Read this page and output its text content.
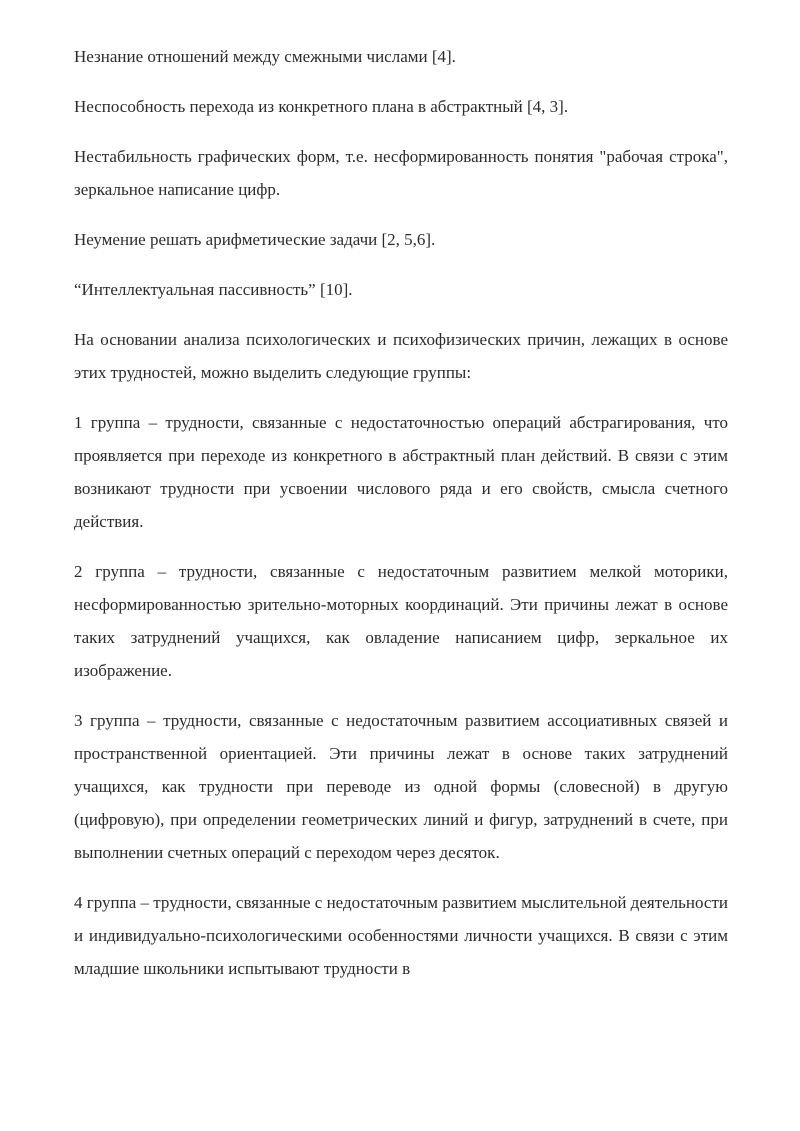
Незнание отношений между смежными числами [4].

Неспособность перехода из конкретного плана в абстрактный [4, 3].

Нестабильность графических форм, т.е. несформированность понятия "рабочая строка", зеркальное написание цифр.

Неумение решать арифметические задачи [2, 5,6].

“Интеллектуальная пассивность” [10].

На основании анализа психологических и психофизических причин, лежащих в основе этих трудностей, можно выделить следующие группы:

1 группа – трудности, связанные с недостаточностью операций абстрагирования, что проявляется при переходе из конкретного в абстрактный план действий. В связи с этим возникают трудности при усвоении числового ряда и его свойств, смысла счетного действия.

2 группа – трудности, связанные с недостаточным развитием мелкой моторики, несформированностью зрительно-моторных координаций. Эти причины лежат в основе таких затруднений учащихся, как овладение написанием цифр, зеркальное их изображение.

3 группа – трудности, связанные с недостаточным развитием ассоциативных связей и пространственной ориентацией. Эти причины лежат в основе таких затруднений учащихся, как трудности при переводе из одной формы (словесной) в другую (цифровую), при определении геометрических линий и фигур, затруднений в счете, при выполнении счетных операций с переходом через десяток.

4 группа – трудности, связанные с недостаточным развитием мыслительной деятельности и индивидуально-психологическими особенностями личности учащихся. В связи с этим младшие школьники испытывают трудности в
